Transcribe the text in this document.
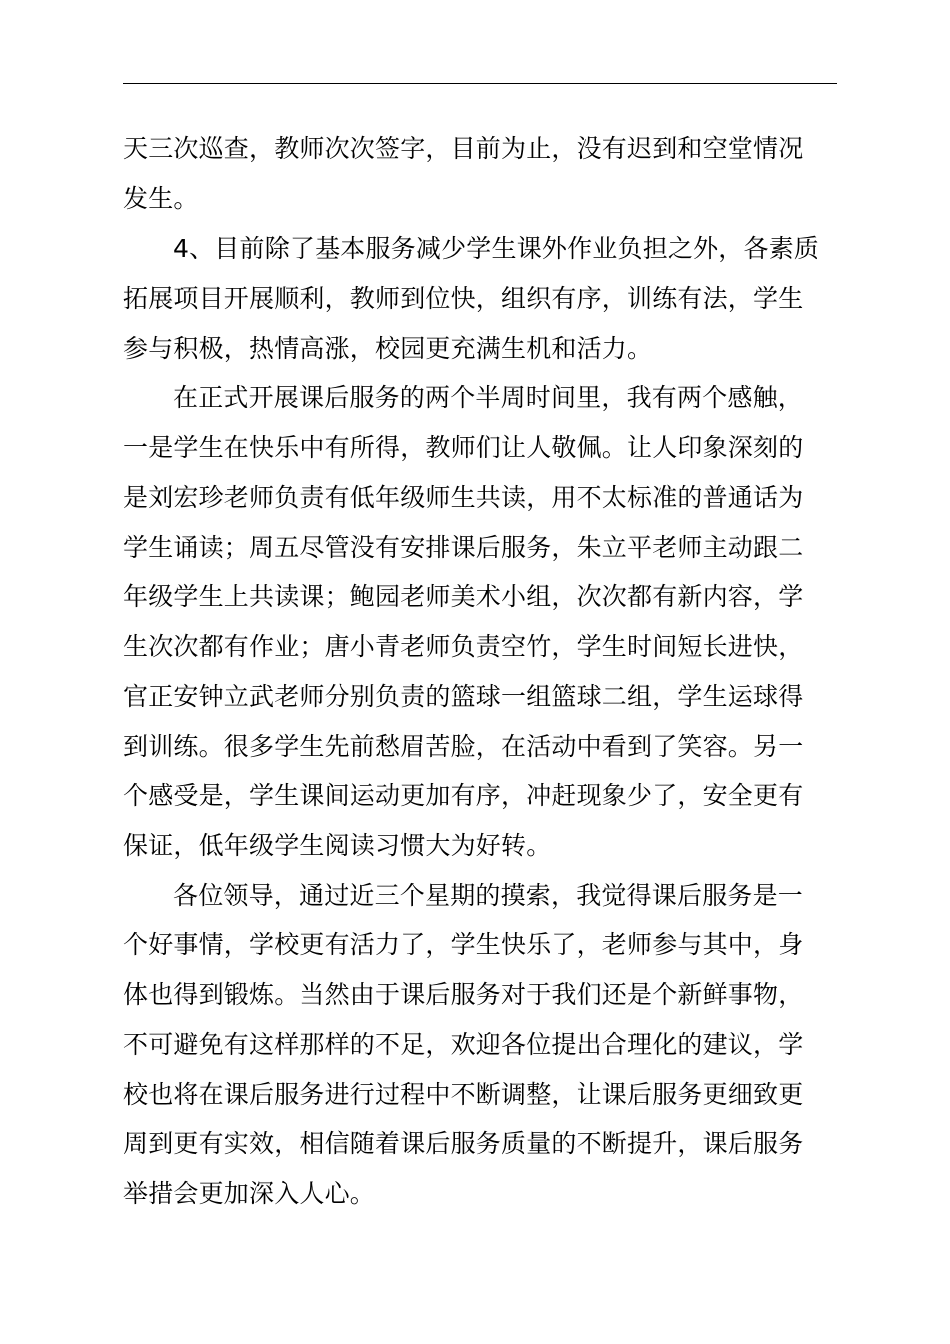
天三次巡查，教师次次签字，目前为止，没有迟到和空堂情况
发生。
4、目前除了基本服务减少学生课外作业负担之外，各素质
拓展项目开展顺利，教师到位快，组织有序，训练有法，学生
参与积极，热情高涨，校园更充满生机和活力。
在正式开展课后服务的两个半周时间里，我有两个感触，
一是学生在快乐中有所得，教师们让人敬佩。让人印象深刻的
是刘宏珍老师负责有低年级师生共读，用不太标准的普通话为
学生诵读；周五尽管没有安排课后服务，朱立平老师主动跟二
年级学生上共读课；鲍园老师美术小组，次次都有新内容，学
生次次都有作业；唐小青老师负责空竹，学生时间短长进快，
官正安钟立武老师分别负责的篮球一组篮球二组，学生运球得
到训练。很多学生先前愁眉苦脸，在活动中看到了笑容。另一
个感受是，学生课间运动更加有序，冲赶现象少了，安全更有
保证，低年级学生阅读习惯大为好转。
各位领导，通过近三个星期的摸索，我觉得课后服务是一
个好事情，学校更有活力了，学生快乐了，老师参与其中，身
体也得到锻炼。当然由于课后服务对于我们还是个新鲜事物，
不可避免有这样那样的不足，欢迎各位提出合理化的建议，学
校也将在课后服务进行过程中不断调整，让课后服务更细致更
周到更有实效，相信随着课后服务质量的不断提升，课后服务
举措会更加深入人心。
